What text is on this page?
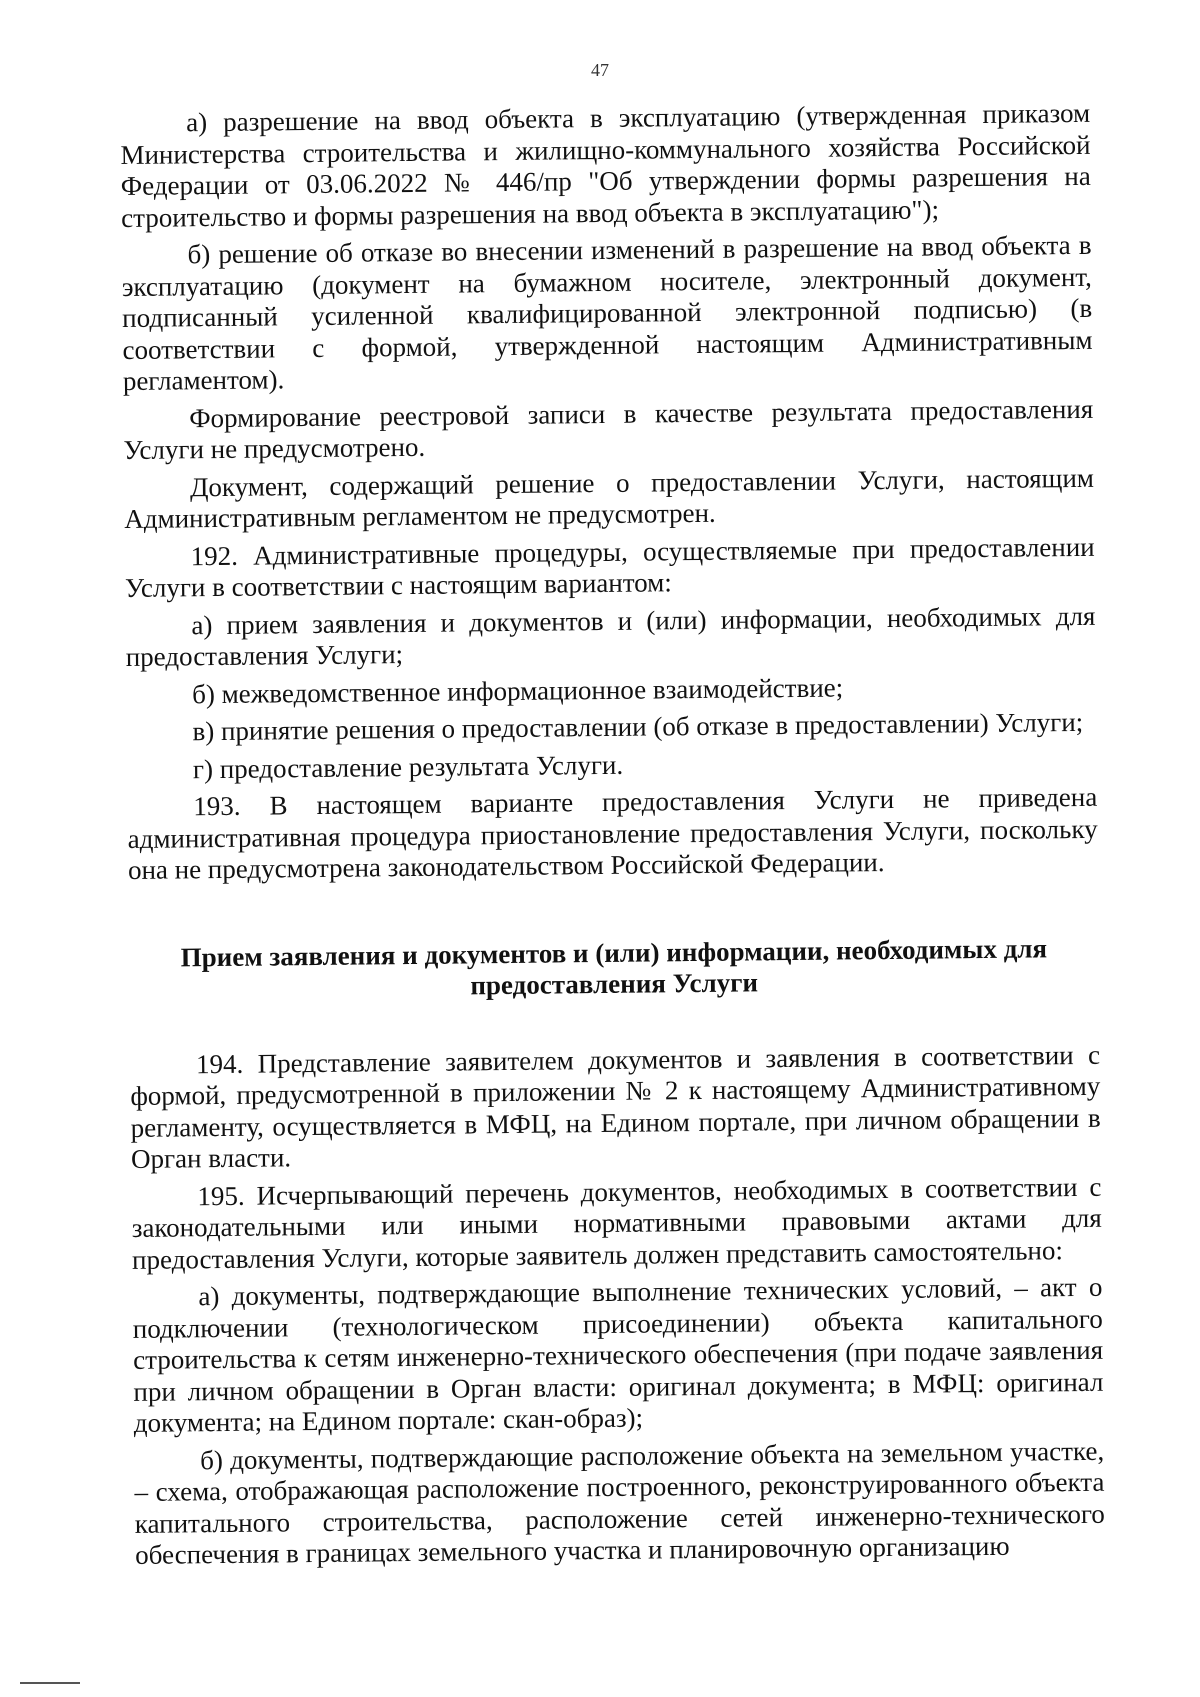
47

а) разрешение на ввод объекта в эксплуатацию (утвержденная приказом Министерства строительства и жилищно-коммунального хозяйства Российской Федерации от 03.06.2022 № 446/пр "Об утверждении формы разрешения на строительство и формы разрешения на ввод объекта в эксплуатацию");

б) решение об отказе во внесении изменений в разрешение на ввод объекта в эксплуатацию (документ на бумажном носителе, электронный документ, подписанный усиленной квалифицированной электронной подписью) (в соответствии с формой, утвержденной настоящим Административным регламентом).

Формирование реестровой записи в качестве результата предоставления Услуги не предусмотрено.

Документ, содержащий решение о предоставлении Услуги, настоящим Административным регламентом не предусмотрен.

192. Административные процедуры, осуществляемые при предоставлении Услуги в соответствии с настоящим вариантом:

а) прием заявления и документов и (или) информации, необходимых для предоставления Услуги;

б) межведомственное информационное взаимодействие;

в) принятие решения о предоставлении (об отказе в предоставлении) Услуги;

г) предоставление результата Услуги.

193. В настоящем варианте предоставления Услуги не приведена административная процедура приостановление предоставления Услуги, поскольку она не предусмотрена законодательством Российской Федерации.

Прием заявления и документов и (или) информации, необходимых для предоставления Услуги

194. Представление заявителем документов и заявления в соответствии с формой, предусмотренной в приложении № 2 к настоящему Административному регламенту, осуществляется в МФЦ, на Едином портале, при личном обращении в Орган власти.

195. Исчерпывающий перечень документов, необходимых в соответствии с законодательными или иными нормативными правовыми актами для предоставления Услуги, которые заявитель должен представить самостоятельно:

а) документы, подтверждающие выполнение технических условий, – акт о подключении (технологическом присоединении) объекта капитального строительства к сетям инженерно-технического обеспечения (при подаче заявления при личном обращении в Орган власти: оригинал документа; в МФЦ: оригинал документа; на Едином портале: скан-образ);

б) документы, подтверждающие расположение объекта на земельном участке, – схема, отображающая расположение построенного, реконструированного объекта капитального строительства, расположение сетей инженерно-технического обеспечения в границах земельного участка и планировочную организацию
